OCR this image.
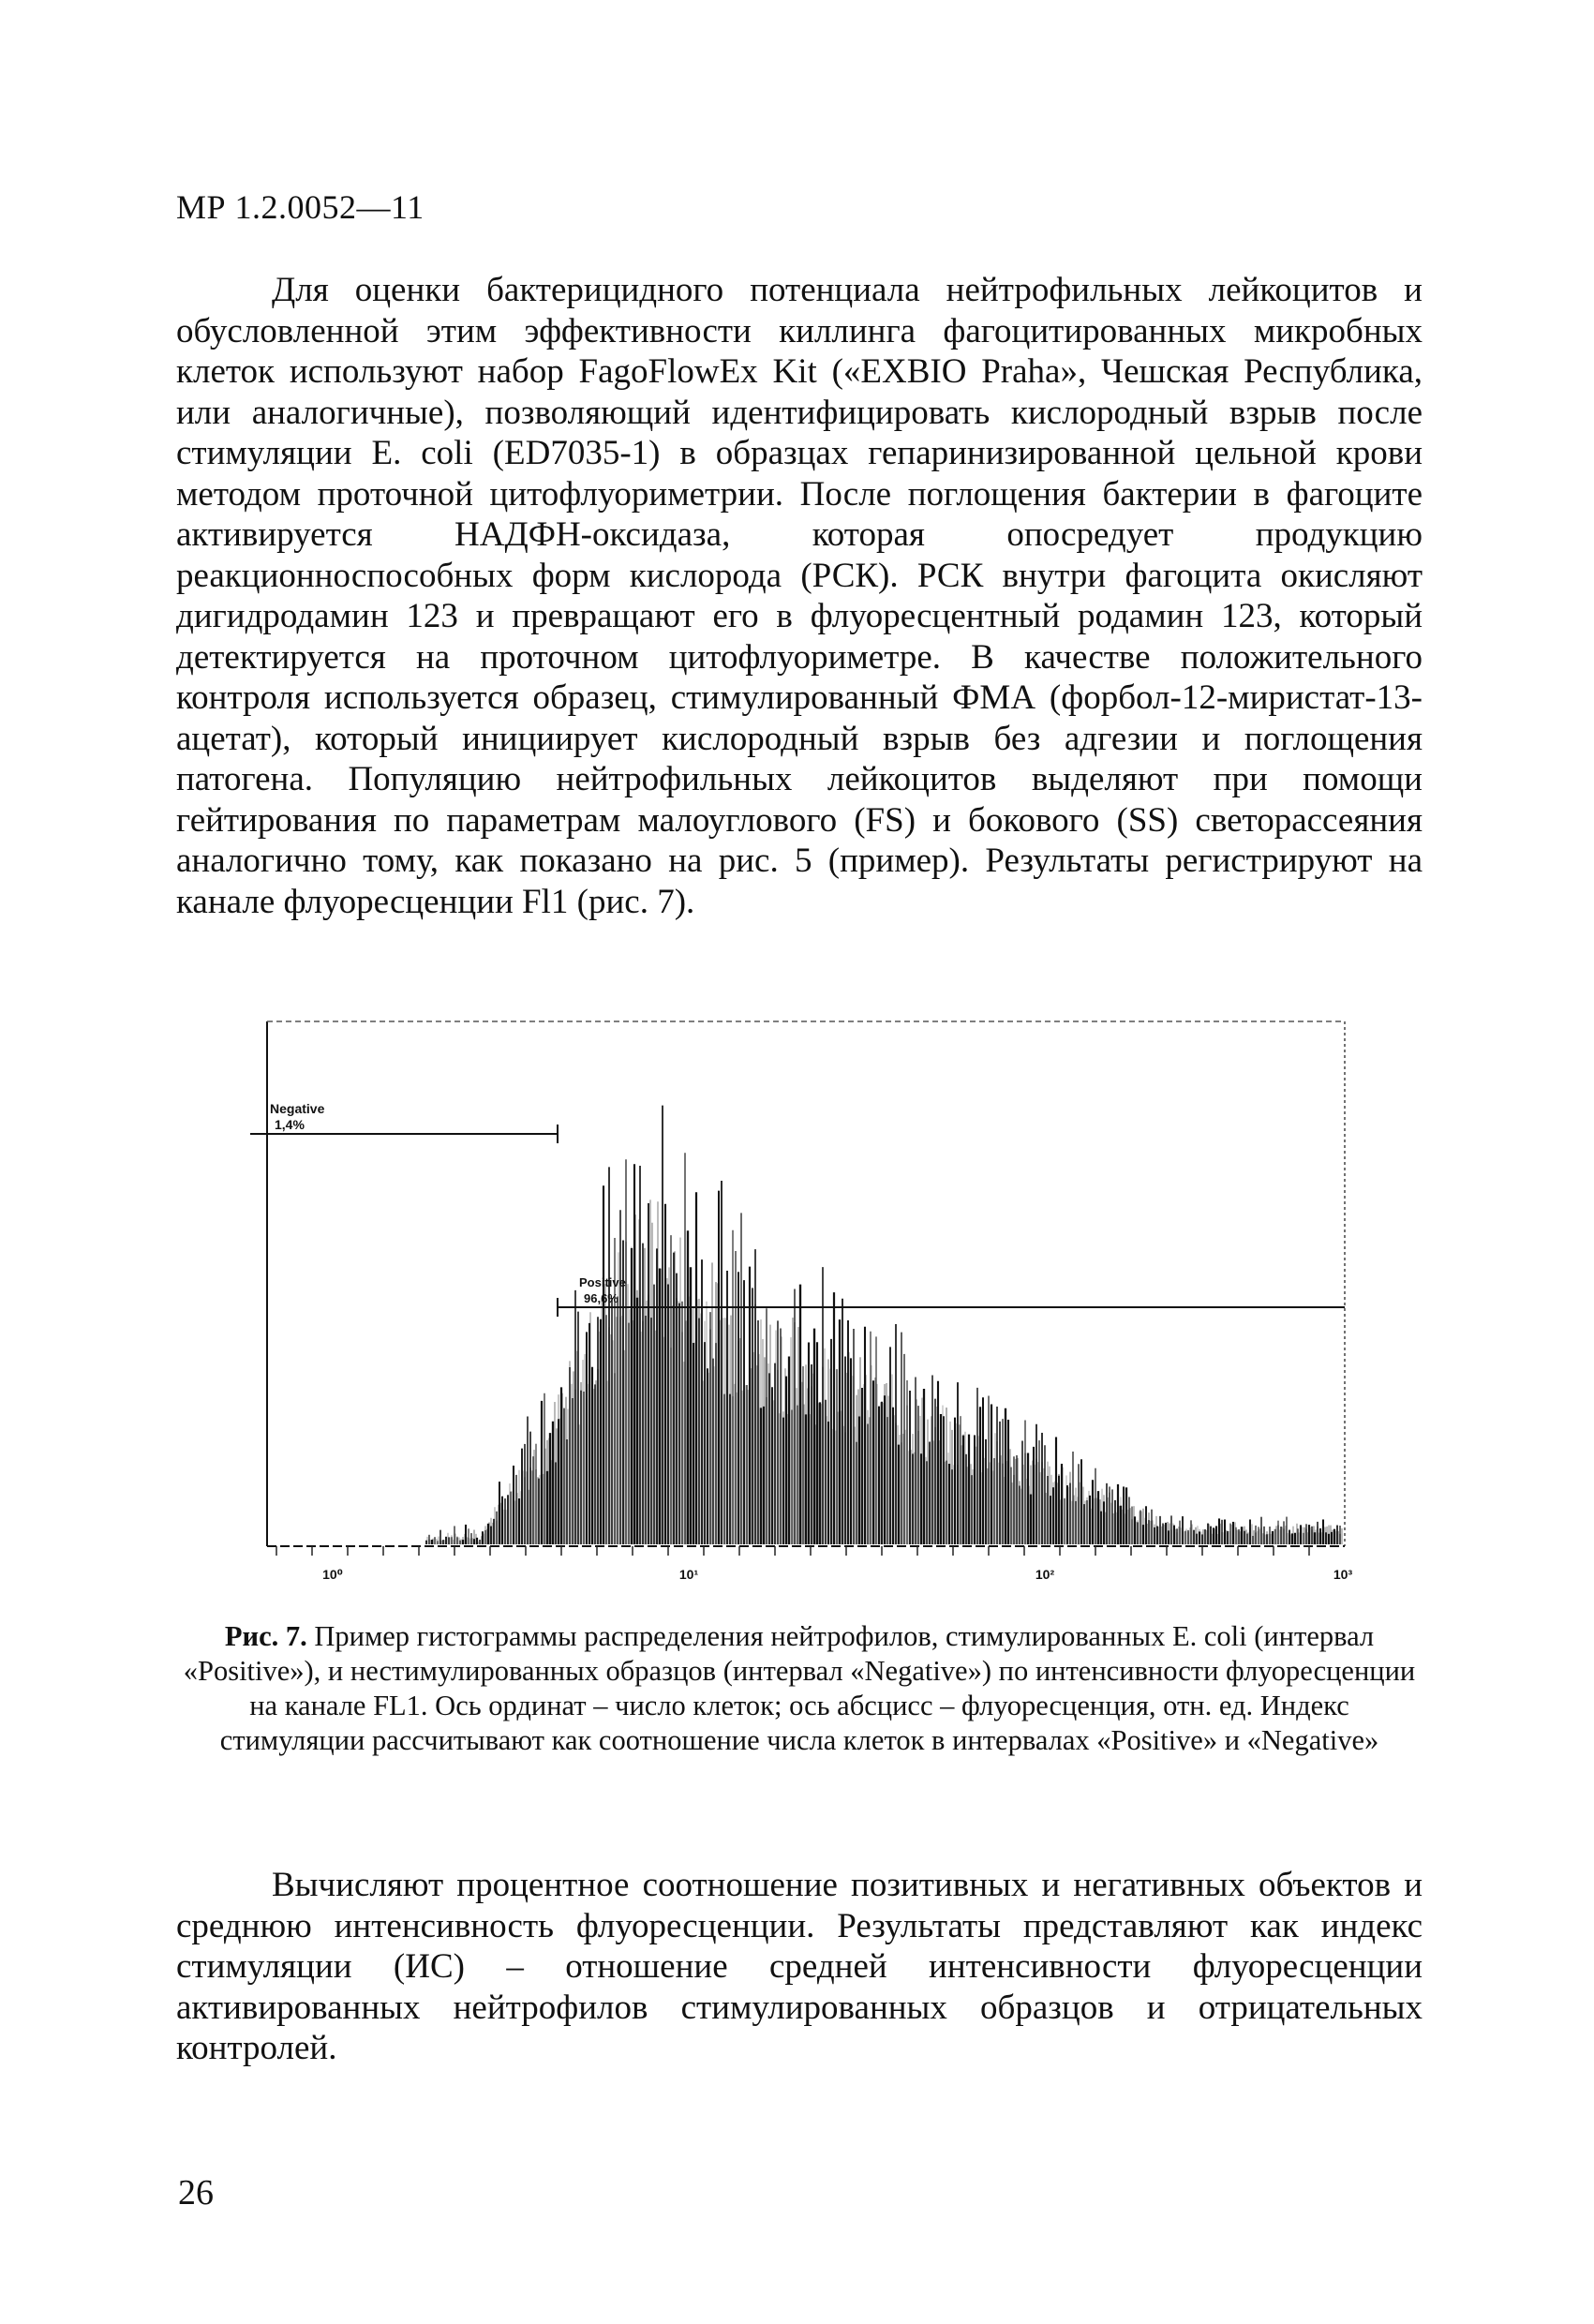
МР 1.2.0052—11
Для оценки бактерицидного потенциала нейтрофильных лейкоцитов и обусловленной этим эффективности киллинга фагоцитированных микробных клеток используют набор FagoFlowEx Kit («EXBIO Praha», Чешская Республика, или аналогичные), позволяющий идентифицировать кислородный взрыв после стимуляции E. coli (ED7035-1) в образцах гепаринизированной цельной крови методом проточной цитофлуориметрии. После поглощения бактерии в фагоците активируется НАДФН-оксидаза, которая опосредует продукцию реакционноспособных форм кислорода (РСК). РСК внутри фагоцита окисляют дигидродамин 123 и превращают его в флуоресцентный родамин 123, который детектируется на проточном цитофлуориметре. В качестве положительного контроля используется образец, стимулированный ФМА (форбол-12-миристат-13-ацетат), который инициирует кислородный взрыв без адгезии и поглощения патогена. Популяцию нейтрофильных лейкоцитов выделяют при помощи гейтирования по параметрам малоуглового (FS) и бокового (SS) светорассеяния аналогично тому, как показано на рис. 5 (пример). Результаты регистрируют на канале флуоресценции Fl1 (рис. 7).
Negative
1,4%
Positive
96,6%
10⁰	10¹	10²	10³
Рис. 7. Пример гистограммы распределения нейтрофилов, стимулированных E. coli (интервал «Positive»), и нестимулированных образцов (интервал «Negative») по интенсивности флуоресценции на канале FL1. Ось ординат – число клеток; ось абсцисс – флуоресценция, отн. ед. Индекс стимуляции рассчитывают как соотношение числа клеток в интервалах «Positive» и «Negative»
Вычисляют процентное соотношение позитивных и негативных объектов и среднюю интенсивность флуоресценции. Результаты представляют как индекс стимуляции (ИС) – отношение средней интенсивности флуоресценции активированных нейтрофилов стимулированных образцов и отрицательных контролей.
26
